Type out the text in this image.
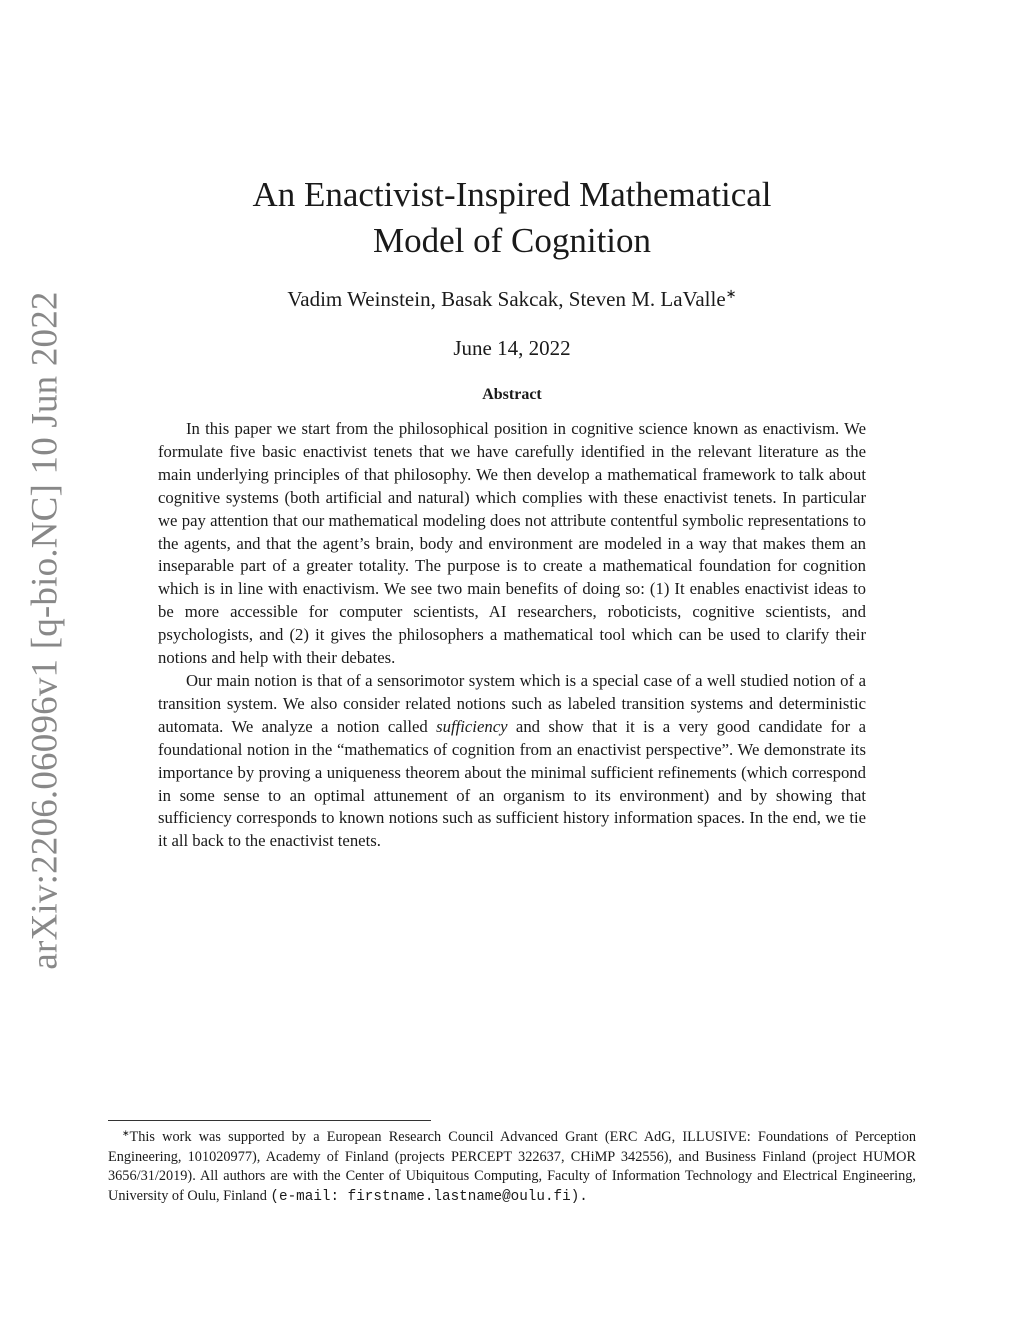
arXiv:2206.06096v1 [q-bio.NC] 10 Jun 2022
An Enactivist-Inspired Mathematical
Model of Cognition
Vadim Weinstein, Basak Sakcak, Steven M. LaValle∗
June 14, 2022
Abstract

In this paper we start from the philosophical position in cognitive science known as enactivism. We formulate five basic enactivist tenets that we have carefully identified in the relevant literature as the main underlying principles of that philosophy. We then develop a mathematical framework to talk about cognitive systems (both artificial and natural) which complies with these enactivist tenets. In particular we pay attention that our mathematical modeling does not attribute contentful symbolic representations to the agents, and that the agent’s brain, body and environment are modeled in a way that makes them an inseparable part of a greater totality. The purpose is to create a mathematical foundation for cognition which is in line with enactivism. We see two main benefits of doing so: (1) It enables enactivist ideas to be more accessible for computer scientists, AI researchers, roboticists, cognitive scientists, and psychologists, and (2) it gives the philosophers a mathematical tool which can be used to clarify their notions and help with their debates.

Our main notion is that of a sensorimotor system which is a special case of a well studied notion of a transition system. We also consider related notions such as labeled transition systems and deterministic automata. We analyze a notion called sufficiency and show that it is a very good candidate for a foundational notion in the “mathematics of cognition from an enactivist perspective”. We demonstrate its importance by proving a uniqueness theorem about the minimal sufficient refinements (which correspond in some sense to an optimal attunement of an organism to its environment) and by showing that sufficiency corresponds to known notions such as sufficient history information spaces. In the end, we tie it all back to the enactivist tenets.

∗This work was supported by a European Research Council Advanced Grant (ERC AdG, ILLUSIVE: Foundations of Perception Engineering, 101020977), Academy of Finland (projects PERCEPT 322637, CHiMP 342556), and Business Finland (project HUMOR 3656/31/2019). All authors are with the Center of Ubiquitous Computing, Faculty of Information Technology and Electrical Engineering, University of Oulu, Finland (e-mail: firstname.lastname@oulu.fi).
